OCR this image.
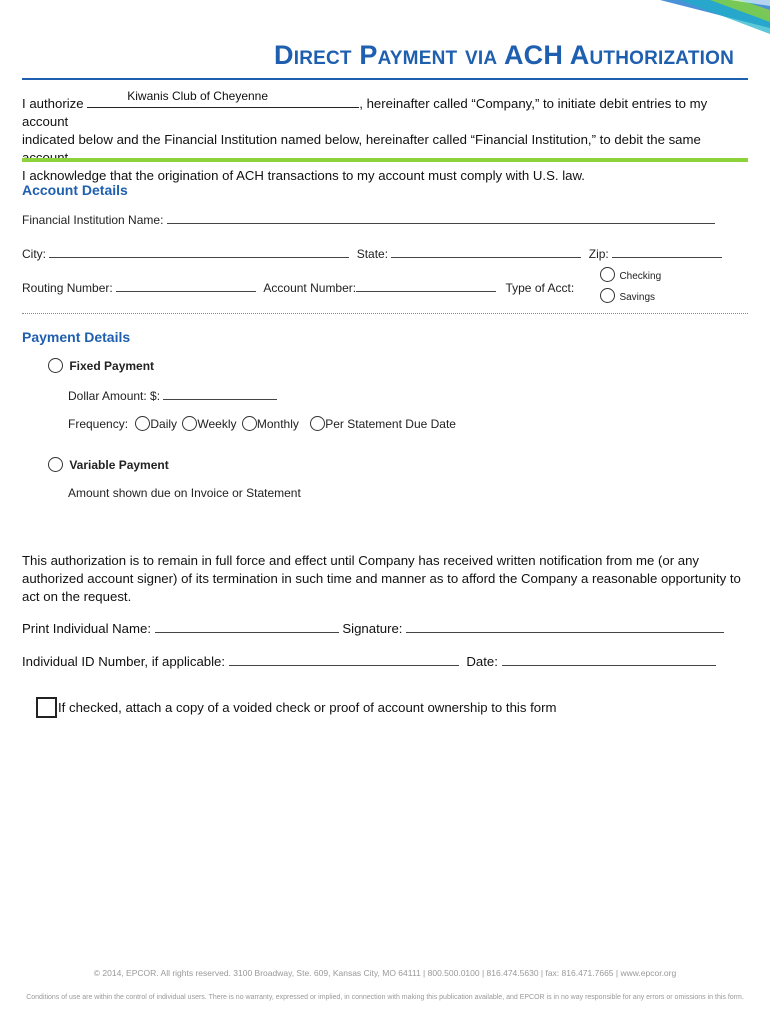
Direct Payment via ACH Authorization

I authorize	Kiwanis Club of Cheyenne	, hereinafter called “Company,” to initiate debit entries to my account

indicated below and the Financial Institution named below, hereinafter called “Financial Institution,” to debit the same

I acknowledge that the origination of ACH transactions to my account must comply with U.S. law.

Account Details
Financial Institution Name:
City:	State:	Zip:
Routing Number:	Account Number:	Type of Acct:
Checking
Savings
Payment Details
Fixed Payment
Dollar Amount: $:
Frequency: Daily Weekly Monthly Per Statement Due Date
Variable Payment
Amount shown due on Invoice or Statement
This authorization is to remain in full force and effect until Company has received written notification from me (or any authorized account signer) of its termination in such time and manner as to afford the Company a reasonable opportunity to act on the request.
Print Individual Name:	Signature:
Individual ID Number, if applicable:	Date:
If checked, attach a copy of a voided check or proof of account ownership to this form
© 2014, EPCOR. All rights reserved. 3100 Broadway, Ste. 609, Kansas City, MO 64111 | 800.500.0100 | 816.474.5630 | fax: 816.471.7665 | www.epcor.org
Conditions of use are within the control of individual users. There is no warranty, expressed or implied, in connection with making this publication available, and EPCOR is in no way responsible for any errors or omissions in this form.
